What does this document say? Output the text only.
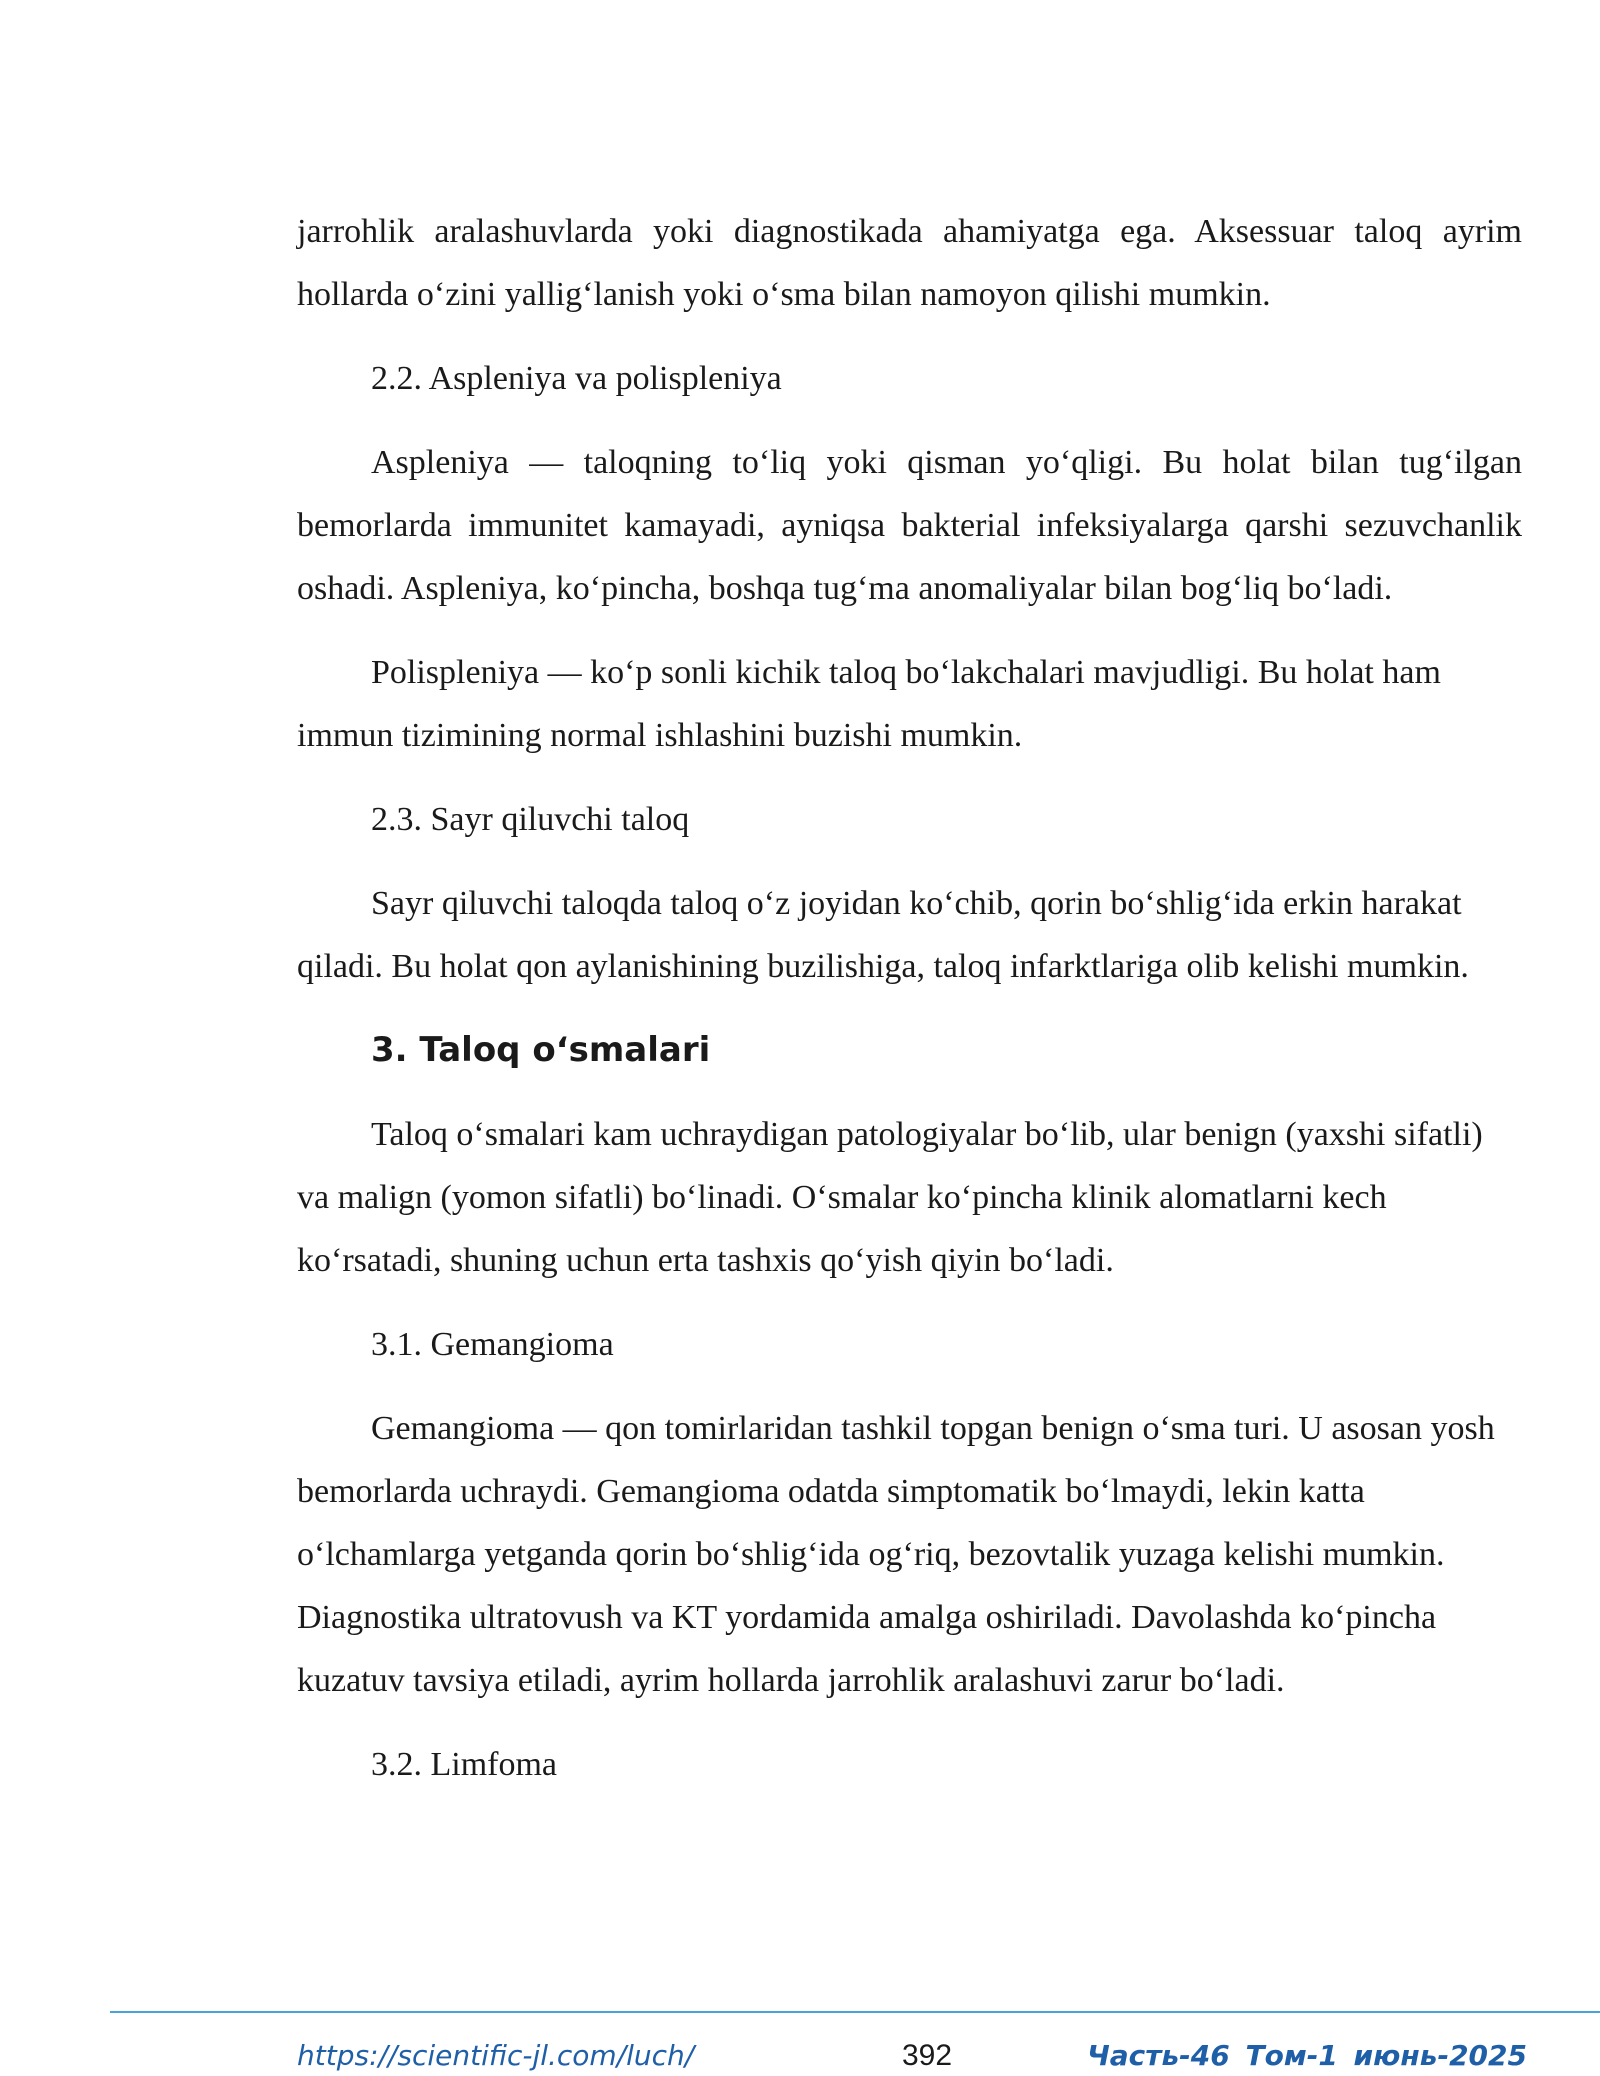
jarrohlik aralashuvlarda yoki diagnostikada ahamiyatga ega. Aksessuar taloq ayrim hollarda o‘zini yallig‘lanish yoki o‘sma bilan namoyon qilishi mumkin.

2.2. Aspleniya va polispleniya

Aspleniya — taloqning to‘liq yoki qisman yo‘qligi. Bu holat bilan tug‘ilgan bemorlarda immunitet kamayadi, ayniqsa bakterial infeksiyalarga qarshi sezuvchanlik oshadi. Aspleniya, ko‘pincha, boshqa tug‘ma anomaliyalar bilan bog‘liq bo‘ladi.

Polispleniya — ko‘p sonli kichik taloq bo‘lakchalari mavjudligi. Bu holat ham immun tizimining normal ishlashini buzishi mumkin.

2.3. Sayr qiluvchi taloq

Sayr qiluvchi taloqda taloq o‘z joyidan ko‘chib, qorin bo‘shlig‘ida erkin harakat qiladi. Bu holat qon aylanishining buzilishiga, taloq infarktlariga olib kelishi mumkin.

3. Taloq o‘smalari

Taloq o‘smalari kam uchraydigan patologiyalar bo‘lib, ular benign (yaxshi sifatli) va malign (yomon sifatli) bo‘linadi. O‘smalar ko‘pincha klinik alomatlarni kech ko‘rsatadi, shuning uchun erta tashxis qo‘yish qiyin bo‘ladi.

3.1. Gemangioma

Gemangioma — qon tomirlaridan tashkil topgan benign o‘sma turi. U asosan yosh bemorlarda uchraydi. Gemangioma odatda simptomatik bo‘lmaydi, lekin katta o‘lchamlarga yetganda qorin bo‘shlig‘ida og‘riq, bezovtalik yuzaga kelishi mumkin. Diagnostika ultratovush va KT yordamida amalga oshiriladi. Davolashda ko‘pincha kuzatuv tavsiya etiladi, ayrim hollarda jarrohlik aralashuvi zarur bo‘ladi.

3.2. Limfoma

https://scientific-jl.com/luch/	392	Часть-46 Том-1 июнь-2025
